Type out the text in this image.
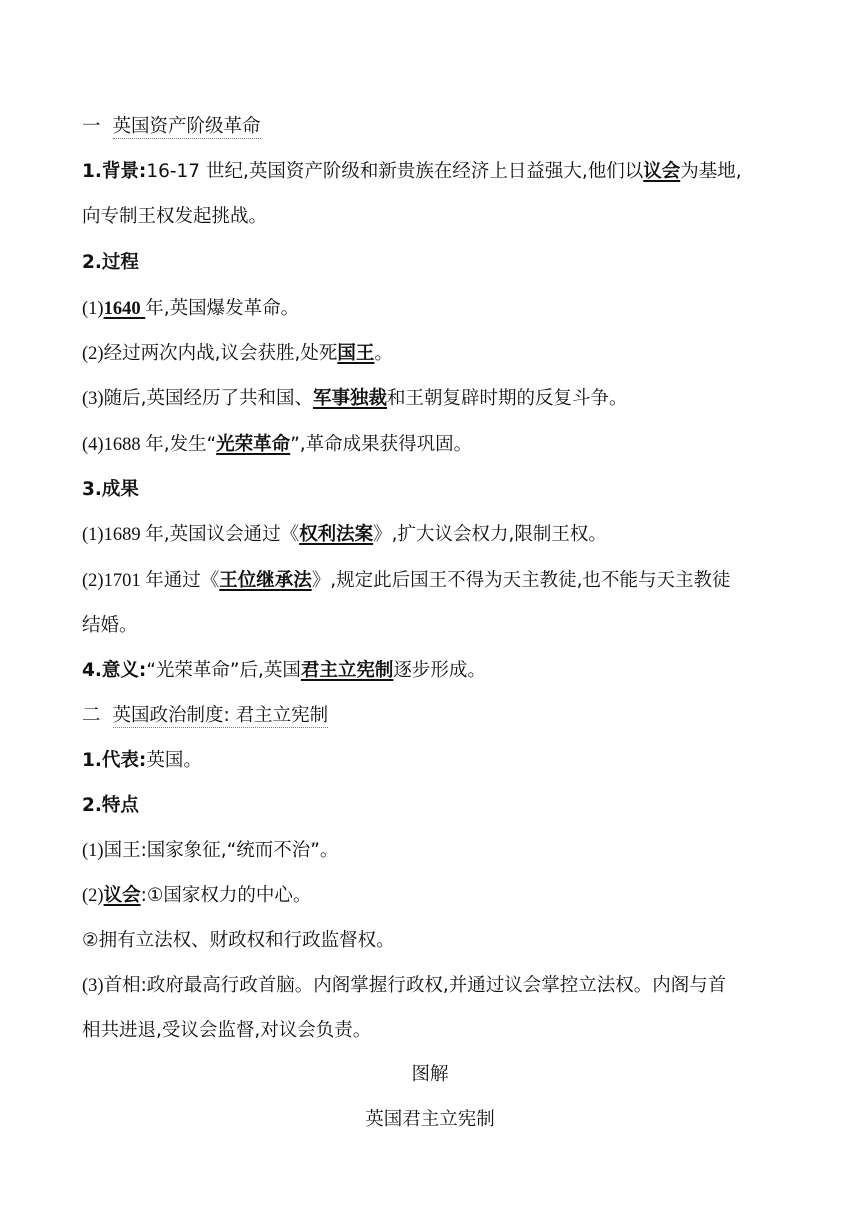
一 英国资产阶级革命
1.背景:16-17 世纪,英国资产阶级和新贵族在经济上日益强大,他们以议会为基地,
向专制王权发起挑战。
2.过程
(1)1640 年,英国爆发革命。
(2)经过两次内战,议会获胜,处死国王。
(3)随后,英国经历了共和国、军事独裁和王朝复辟时期的反复斗争。
(4)1688 年,发生“光荣革命”,革命成果获得巩固。
3.成果
(1)1689 年,英国议会通过《权利法案》,扩大议会权力,限制王权。
(2)1701 年通过《王位继承法》,规定此后国王不得为天主教徒,也不能与天主教徒
结婚。
4.意义:“光荣革命”后,英国君主立宪制逐步形成。
二 英国政治制度: 君主立宪制
1.代表:英国。
2.特点
(1)国王:国家象征,“统而不治”。
(2)议会:①国家权力的中心。
②拥有立法权、财政权和行政监督权。
(3)首相:政府最高行政首脑。内阁掌握行政权,并通过议会掌控立法权。内阁与首
相共进退,受议会监督,对议会负责。
图解
英国君主立宪制
